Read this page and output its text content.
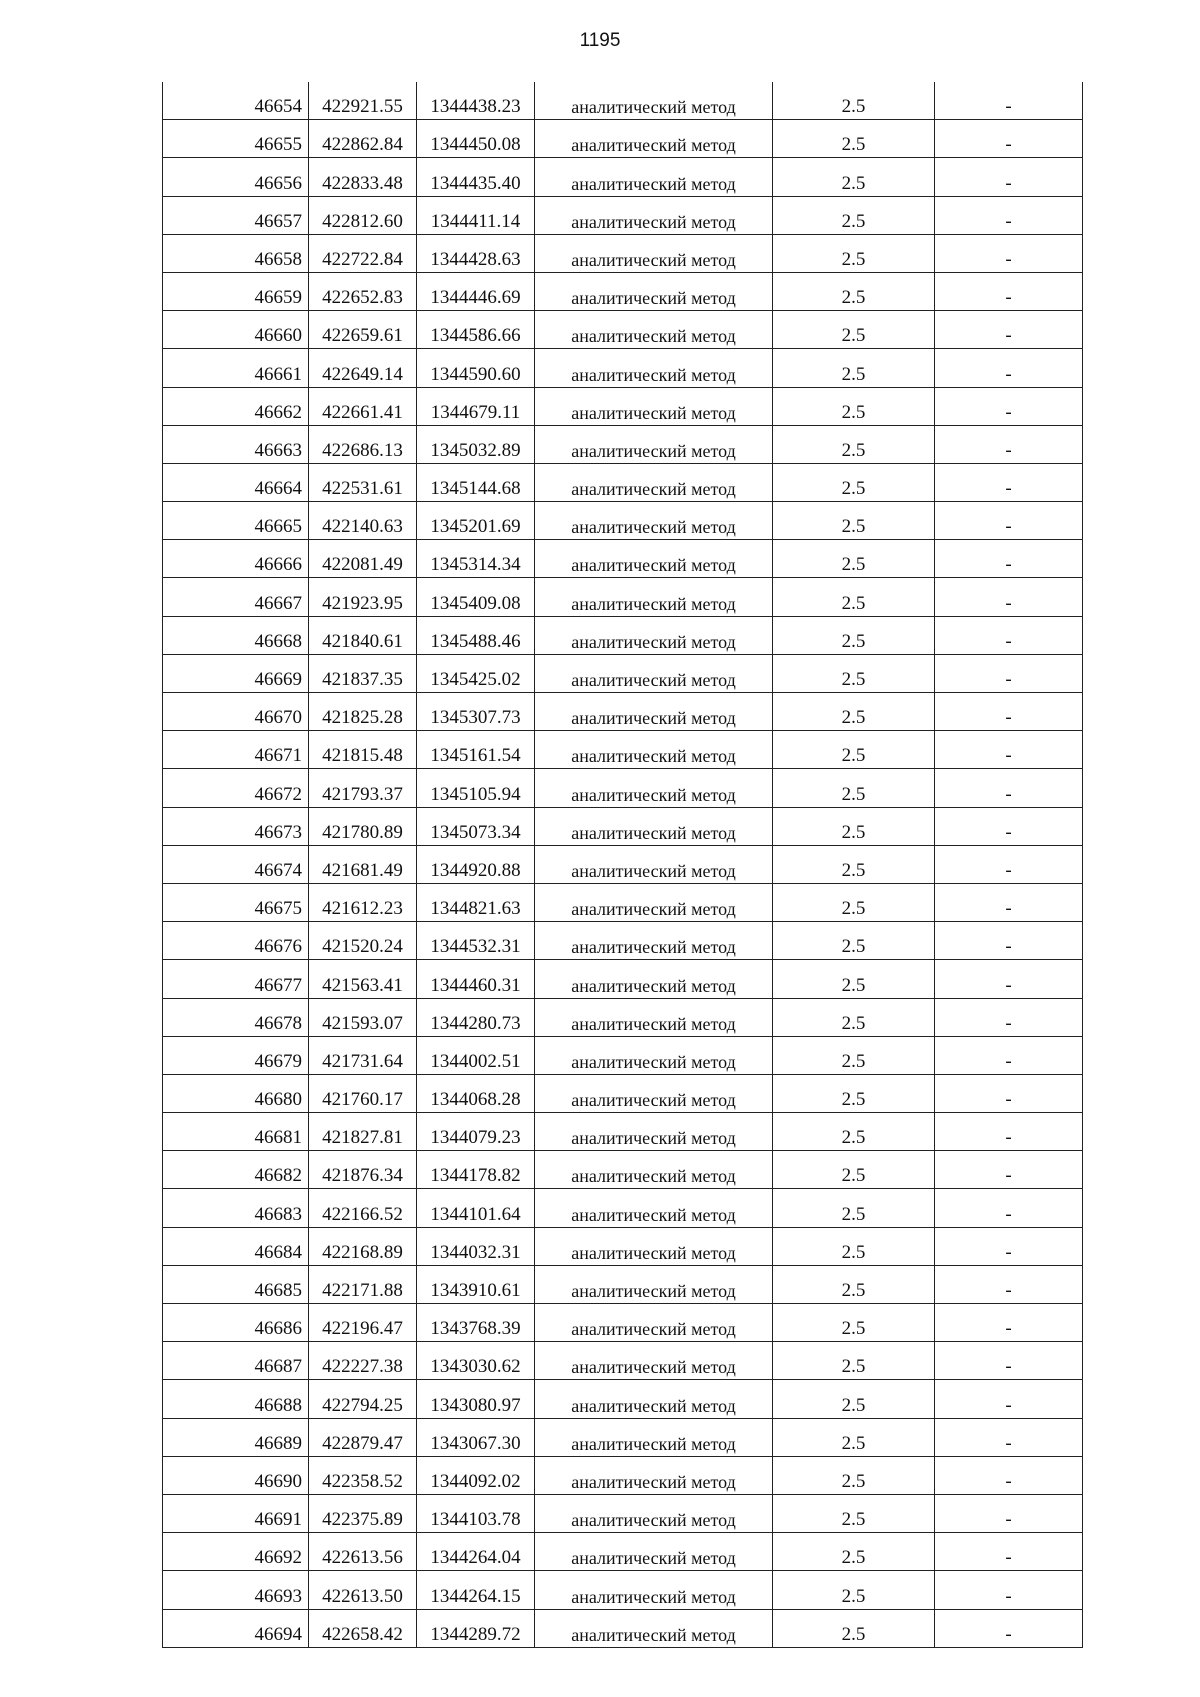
1195
46654	422921.55	1344438.23	аналитический метод	2.5	-
46655	422862.84	1344450.08	аналитический метод	2.5	-
46656	422833.48	1344435.40	аналитический метод	2.5	-
46657	422812.60	1344411.14	аналитический метод	2.5	-
46658	422722.84	1344428.63	аналитический метод	2.5	-
46659	422652.83	1344446.69	аналитический метод	2.5	-
46660	422659.61	1344586.66	аналитический метод	2.5	-
46661	422649.14	1344590.60	аналитический метод	2.5	-
46662	422661.41	1344679.11	аналитический метод	2.5	-
46663	422686.13	1345032.89	аналитический метод	2.5	-
46664	422531.61	1345144.68	аналитический метод	2.5	-
46665	422140.63	1345201.69	аналитический метод	2.5	-
46666	422081.49	1345314.34	аналитический метод	2.5	-
46667	421923.95	1345409.08	аналитический метод	2.5	-
46668	421840.61	1345488.46	аналитический метод	2.5	-
46669	421837.35	1345425.02	аналитический метод	2.5	-
46670	421825.28	1345307.73	аналитический метод	2.5	-
46671	421815.48	1345161.54	аналитический метод	2.5	-
46672	421793.37	1345105.94	аналитический метод	2.5	-
46673	421780.89	1345073.34	аналитический метод	2.5	-
46674	421681.49	1344920.88	аналитический метод	2.5	-
46675	421612.23	1344821.63	аналитический метод	2.5	-
46676	421520.24	1344532.31	аналитический метод	2.5	-
46677	421563.41	1344460.31	аналитический метод	2.5	-
46678	421593.07	1344280.73	аналитический метод	2.5	-
46679	421731.64	1344002.51	аналитический метод	2.5	-
46680	421760.17	1344068.28	аналитический метод	2.5	-
46681	421827.81	1344079.23	аналитический метод	2.5	-
46682	421876.34	1344178.82	аналитический метод	2.5	-
46683	422166.52	1344101.64	аналитический метод	2.5	-
46684	422168.89	1344032.31	аналитический метод	2.5	-
46685	422171.88	1343910.61	аналитический метод	2.5	-
46686	422196.47	1343768.39	аналитический метод	2.5	-
46687	422227.38	1343030.62	аналитический метод	2.5	-
46688	422794.25	1343080.97	аналитический метод	2.5	-
46689	422879.47	1343067.30	аналитический метод	2.5	-
46690	422358.52	1344092.02	аналитический метод	2.5	-
46691	422375.89	1344103.78	аналитический метод	2.5	-
46692	422613.56	1344264.04	аналитический метод	2.5	-
46693	422613.50	1344264.15	аналитический метод	2.5	-
46694	422658.42	1344289.72	аналитический метод	2.5	-
